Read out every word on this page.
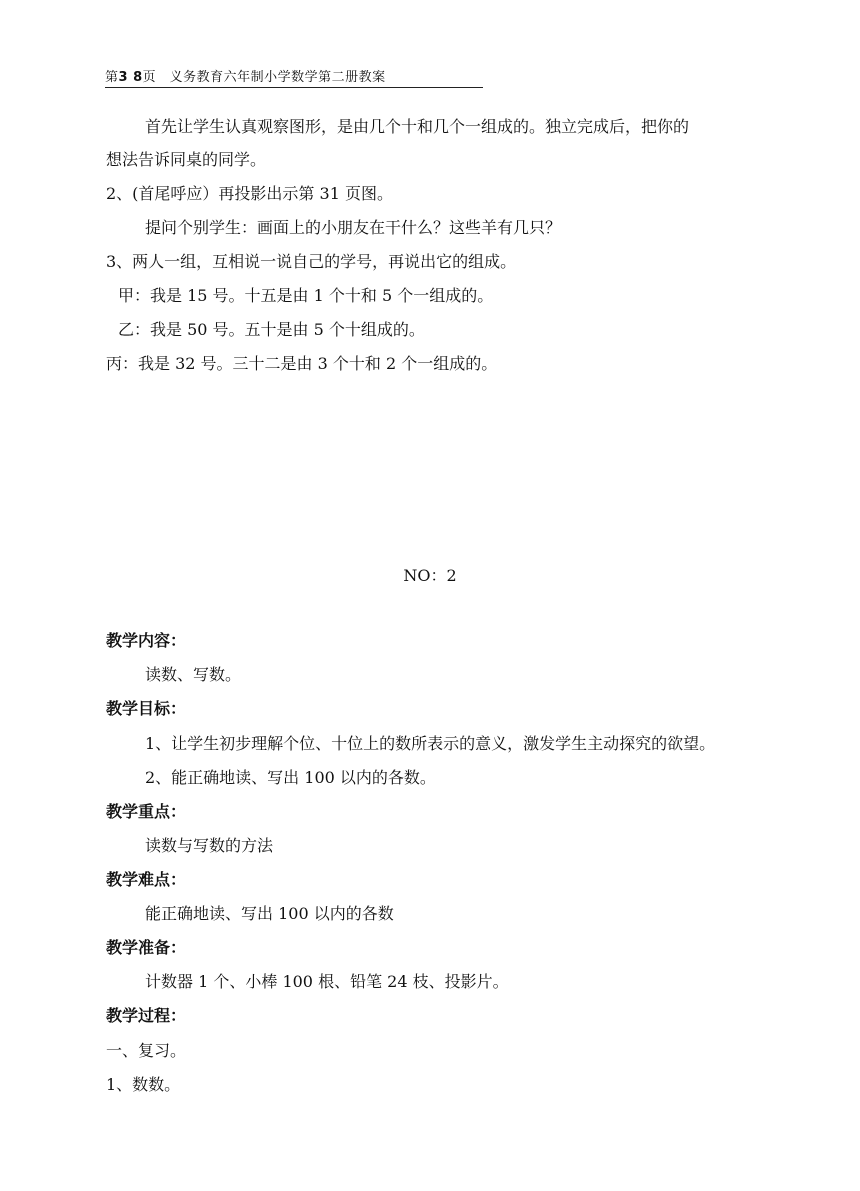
第3 8页　义务教育六年制小学数学第二册教案
首先让学生认真观察图形，是由几个十和几个一组成的。独立完成后，把你的
想法告诉同桌的同学。
2、(首尾呼应）再投影出示第 31 页图。
提问个别学生：画面上的小朋友在干什么？这些羊有几只？
3、两人一组，互相说一说自己的学号，再说出它的组成。
甲：我是 15 号。十五是由 1 个十和 5 个一组成的。
乙：我是 50 号。五十是由 5 个十组成的。
丙：我是 32 号。三十二是由 3 个十和 2 个一组成的。
NO：2
教学内容：
读数、写数。
教学目标：
1、让学生初步理解个位、十位上的数所表示的意义，激发学生主动探究的欲望。
2、能正确地读、写出 100 以内的各数。
教学重点：
读数与写数的方法
教学难点：
能正确地读、写出 100 以内的各数
教学准备：
计数器 1 个、小棒 100 根、铅笔 24 枝、投影片。
教学过程：
一、复习。
1、数数。
